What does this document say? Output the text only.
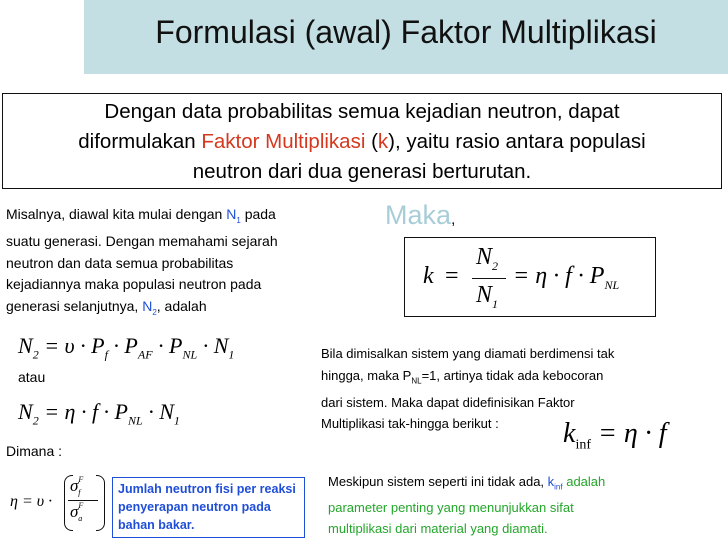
Formulasi (awal) Faktor Multiplikasi
Dengan data probabilitas semua kejadian neutron, dapat
diformulakan Faktor Multiplikasi (k), yaitu rasio antara populasi
neutron dari dua generasi berturutan.
Misalnya, diawal kita mulai dengan $N_1$ pada
suatu generasi. Dengan memahami sejarah
neutron dan data semua probabilitas
kejadiannya maka populasi neutron pada
generasi selanjutnya, $N_2$, adalah
$N_2 = \upsilon \cdot P_f \cdot P_{AF} \cdot P_{NL} \cdot N_1$
atau
$N_2 = \eta \cdot f \cdot P_{NL} \cdot N_1$
Dimana :
η = υ ·
$\sigma^F_f$
$\sigma^F_a$
Jumlah neutron fisi per reaksi penyerapan neutron pada bahan bakar.
Maka,
k =
$N_2$
$N_1$
= $\eta \cdot f \cdot P_{NL}$
Bila dimisalkan sistem yang diamati berdimensi tak
hingga, maka $P_{NL}=1$, artinya tidak ada kebocoran
dari sistem. Maka dapat didefinisikan Faktor
Multiplikasi tak-hingga berikut :	$k_{inf} = \eta \cdot f$
Meskipun sistem seperti ini tidak ada, $k_{inf}$ adalah
parameter penting yang menunjukkan sifat
multiplikasi dari material yang diamati.
